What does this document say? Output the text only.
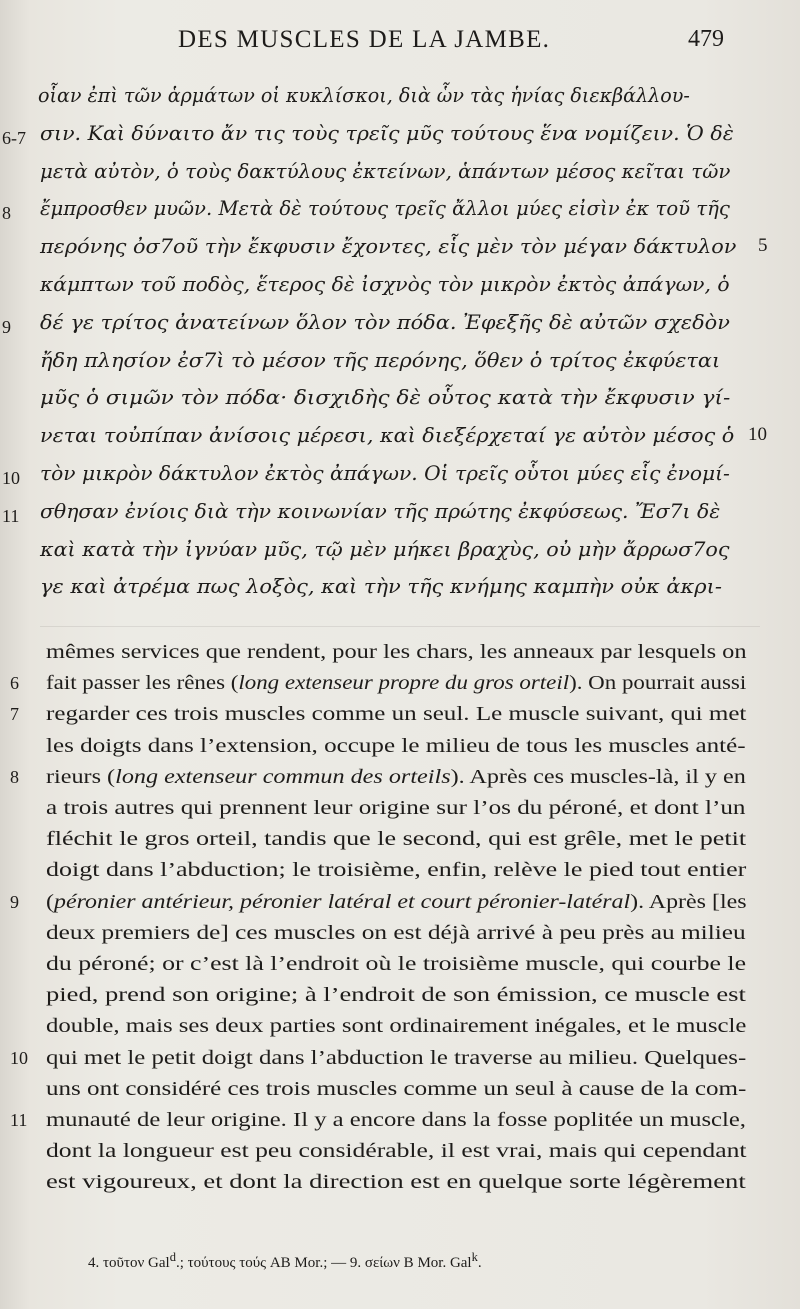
DES MUSCLES DE LA JAMBE.	479
οἷαν ἐπὶ τῶν ἁρμάτων οἱ κυκλίσκοι, διὰ ὧν τὰς ἡνίας διεκβάλλου-
6-7 σιν. Καὶ δύναιτο ἄν τις τοὺς τρεῖς μῦς τούτους ἕνα νομίζειν. Ὁ δὲ
μετὰ αὐτὸν, ὁ τοὺς δακτύλους ἐκτείνων, ἁπάντων μέσος κεῖται τῶν
8 ἔμπροσθεν μυῶν. Μετὰ δὲ τούτους τρεῖς ἄλλοι μύες εἰσὶν ἐκ τοῦ τῆς
περόνης ὀσ7οῦ τὴν ἔκφυσιν ἔχοντες, εἷς μὲν τὸν μέγαν δάκτυλον 5
κάμπτων τοῦ ποδὸς, ἕτερος δὲ ἰσχνὸς τὸν μικρὸν ἐκτὸς ἀπάγων, ὁ
9 δέ γε τρίτος ἀνατείνων ὅλον τὸν πόδα. Ἐφεξῆς δὲ αὐτῶν σχεδὸν
ἤδη πλησίον ἐσ7ὶ τὸ μέσον τῆς περόνης, ὅθεν ὁ τρίτος ἐκφύεται
μῦς ὁ σιμῶν τὸν πόδα· δισχιδὴς δὲ οὗτος κατὰ τὴν ἔκφυσιν γί-
νεται τοὐπίπαν ἀνίσοις μέρεσι, καὶ διεξέρχεταί γε αὐτὸν μέσος ὁ 10
10 τὸν μικρὸν δάκτυλον ἐκτὸς ἀπάγων. Οἱ τρεῖς οὗτοι μύες εἷς ἐνομί-
11 σθησαν ἐνίοις διὰ τὴν κοινωνίαν τῆς πρώτης ἐκφύσεως. Ἔσ7ι δὲ
καὶ κατὰ τὴν ἰγνύαν μῦς, τῷ μὲν μήκει βραχὺς, οὐ μὴν ἄρρωσ7ος
γε καὶ ἀτρέμα πως λοξὸς, καὶ τὴν τῆς κνήμης καμπὴν οὐκ ἀκρι-
mêmes services que rendent, pour les chars, les anneaux par lesquels on
6 fait passer les rênes (long extenseur propre du gros orteil). On pourrait aussi
7 regarder ces trois muscles comme un seul. Le muscle suivant, qui met
les doigts dans l’extension, occupe le milieu de tous les muscles anté-
8 rieurs (long extenseur commun des orteils). Après ces muscles-là, il y en
a trois autres qui prennent leur origine sur l’os du péroné, et dont l’un
fléchit le gros orteil, tandis que le second, qui est grêle, met le petit
doigt dans l’abduction; le troisième, enfin, relève le pied tout entier
9 (péronier antérieur, péronier latéral et court péronier-latéral). Après [les
deux premiers de] ces muscles on est déjà arrivé à peu près au milieu
du péroné; or c’est là l’endroit où le troisième muscle, qui courbe le
pied, prend son origine; à l’endroit de son émission, ce muscle est
double, mais ses deux parties sont ordinairement inégales, et le muscle
10 qui met le petit doigt dans l’abduction le traverse au milieu. Quelques-
uns ont considéré ces trois muscles comme un seul à cause de la com-
11 munauté de leur origine. Il y a encore dans la fosse poplitée un muscle,
dont la longueur est peu considérable, il est vrai, mais qui cependant
est vigoureux, et dont la direction est en quelque sorte légèrement
4. τοῦτον Gal$^d$.; τούτους τούς AB Mor.; — 9. σείων B Mor. Gal$^k$.
